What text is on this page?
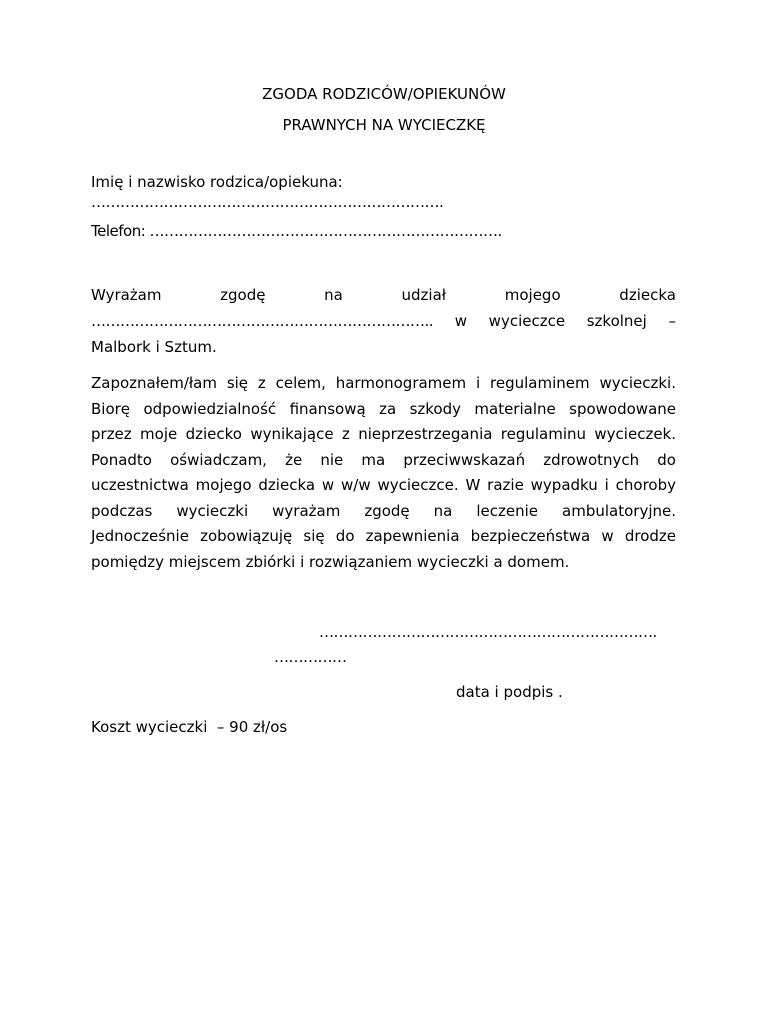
ZGODA RODZICÓW/OPIEKUNÓW

PRAWNYCH NA WYCIECZKĘ

Imię i nazwisko rodzica/opiekuna:

……………………………………………………………….

Telefon: ……………………………………………………………….

Wyrażam	zgodę	na	udział	mojego	dziecka
…………………………………………………………….. w wycieczce szkolnej –

Malbork i Sztum.

Zapoznałem/łam się z celem, harmonogramem i regulaminem wycieczki.
Biorę odpowiedzialność finansową za szkody materialne spowodowane
przez moje dziecko wynikające z nieprzestrzegania regulaminu wycieczek.
Ponadto oświadczam, że nie ma przeciwwskazań zdrowotnych do
uczestnictwa mojego dziecka w w/w wycieczce. W razie wypadku i choroby
podczas wycieczki wyrażam zgodę na leczenie ambulatoryjne.
Jednocześnie zobowiązuję się do zapewnienia bezpieczeństwa w drodze
pomiędzy miejscem zbiórki i rozwiązaniem wycieczki a domem.

…………………………………………………………….

……………

data i podpis .

Koszt wycieczki  – 90 zł/os
